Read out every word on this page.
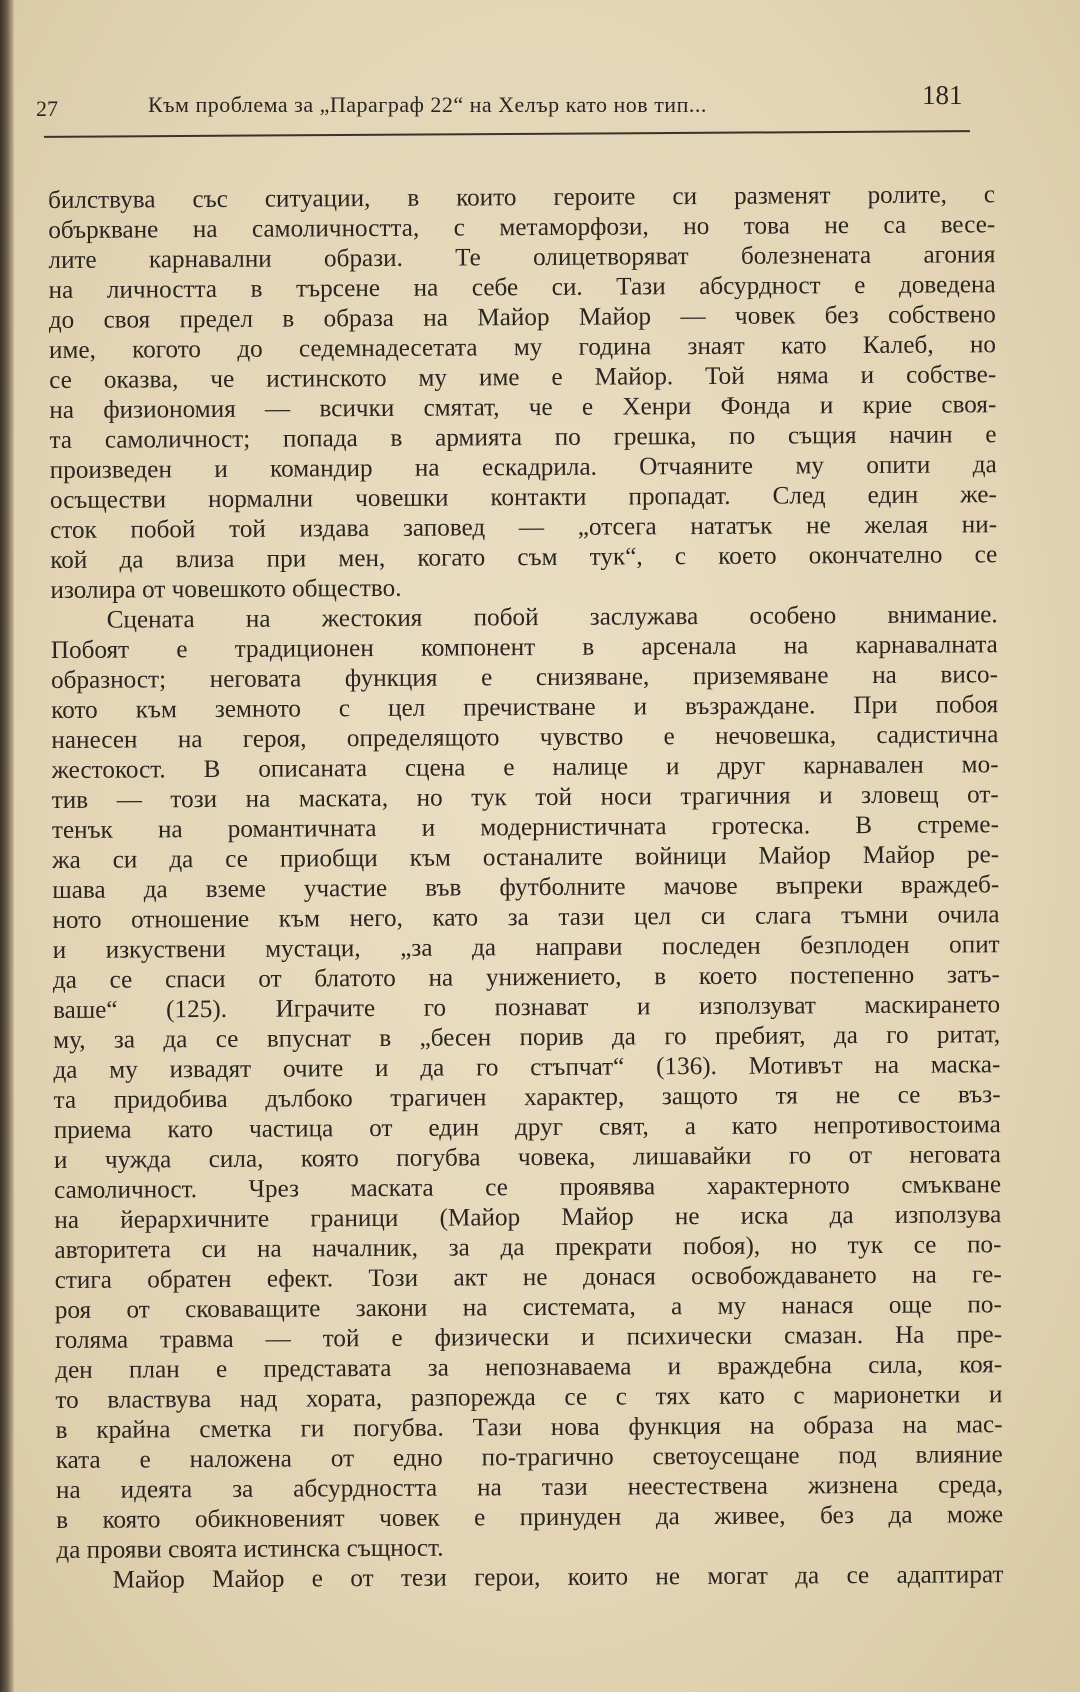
27	Към проблема за „Параграф 22“ на Хелър като нов тип...	181
билствува със ситуации, в които героите си разменят ролите, с
объркване на самоличността, с метаморфози, но това не са весе-
лите карнавални образи. Те олицетворяват болезнената агония
на личността в търсене на себе си. Тази абсурдност е доведена
до своя предел в образа на Майор Майор — човек без собствено
име, когото до седемнадесетата му година знаят като Калеб, но
се оказва, че истинското му име е Майор. Той няма и собстве-
на физиономия — всички смятат, че е Хенри Фонда и крие своя-
та самоличност; попада в армията по грешка, по същия начин е
произведен и командир на ескадрила. Отчаяните му опити да
осъществи нормални човешки контакти пропадат. След един же-
сток побой той издава заповед — „отсега нататък не желая ни-
кой да влиза при мен, когато съм тук“, с което окончателно се
изолира от човешкото общество.
Сцената на жестокия побой заслужава особено внимание.
Побоят е традиционен компонент в арсенала на карнавалната
образност; неговата функция е снизяване, приземяване на висо-
кото към земното с цел пречистване и възраждане. При побоя
нанесен на героя, определящото чувство е нечовешка, садистична
жестокост. В описаната сцена е налице и друг карнавален мо-
тив — този на маската, но тук той носи трагичния и зловещ от-
тенък на романтичната и модернистичната гротеска. В стреме-
жа си да се приобщи към останалите войници Майор Майор ре-
шава да вземе участие във футболните мачове въпреки враждеб-
ното отношение към него, като за тази цел си слага тъмни очила
и изкуствени мустаци, „за да направи последен безплоден опит
да се спаси от блатото на унижението, в което постепенно затъ-
ваше“ (125). Играчите го познават и използуват маскирането
му, за да се впуснат в „бесен порив да го пребият, да го ритат,
да му извадят очите и да го стъпчат“ (136). Мотивът на маска-
та придобива дълбоко трагичен характер, защото тя не се въз-
приема като частица от един друг свят, а като непротивостоима
и чужда сила, която погубва човека, лишавайки го от неговата
самоличност. Чрез маската се проявява характерното смъкване
на йерархичните граници (Майор Майор не иска да използува
авторитета си на началник, за да прекрати побоя), но тук се по-
стига обратен ефект. Този акт не донася освобождаването на ге-
роя от сковаващите закони на системата, а му нанася още по-
голяма травма — той е физически и психически смазан. На пре-
ден план е представата за непознаваема и враждебна сила, коя-
то властвува над хората, разпорежда се с тях като с марионетки и
в крайна сметка ги погубва. Тази нова функция на образа на мас-
ката е наложена от едно по-трагично светоусещане под влияние
на идеята за абсурдността на тази неестествена жизнена среда,
в която обикновеният човек е принуден да живее, без да може
да прояви своята истинска същност.
Майор Майор е от тези герои, които не могат да се адаптират
